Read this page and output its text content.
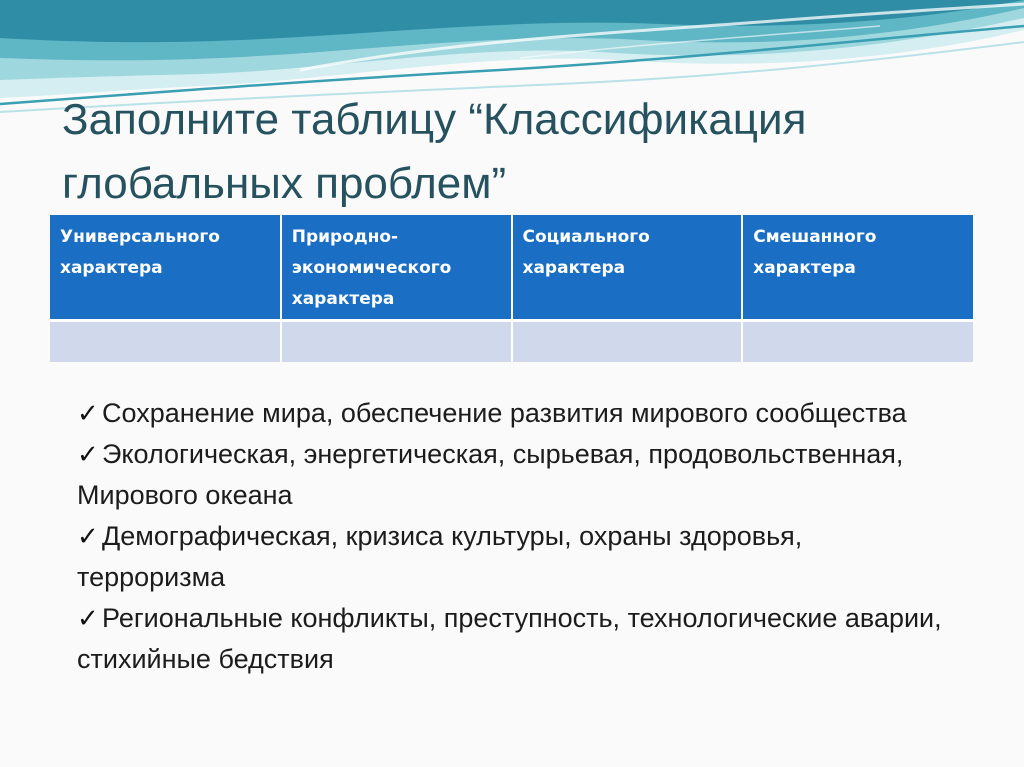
Заполните таблицу “Классификация
глобальных проблем”
Универсального характера	Природно-экономического характера	Социального характера	Смешанного характера

✓ Сохранение мира, обеспечение развития мирового сообщества
✓ Экологическая, энергетическая, сырьевая, продовольственная, Мирового океана
✓ Демографическая, кризиса культуры, охраны здоровья, терроризма
✓ Региональные конфликты, преступность, технологические аварии, стихийные бедствия
